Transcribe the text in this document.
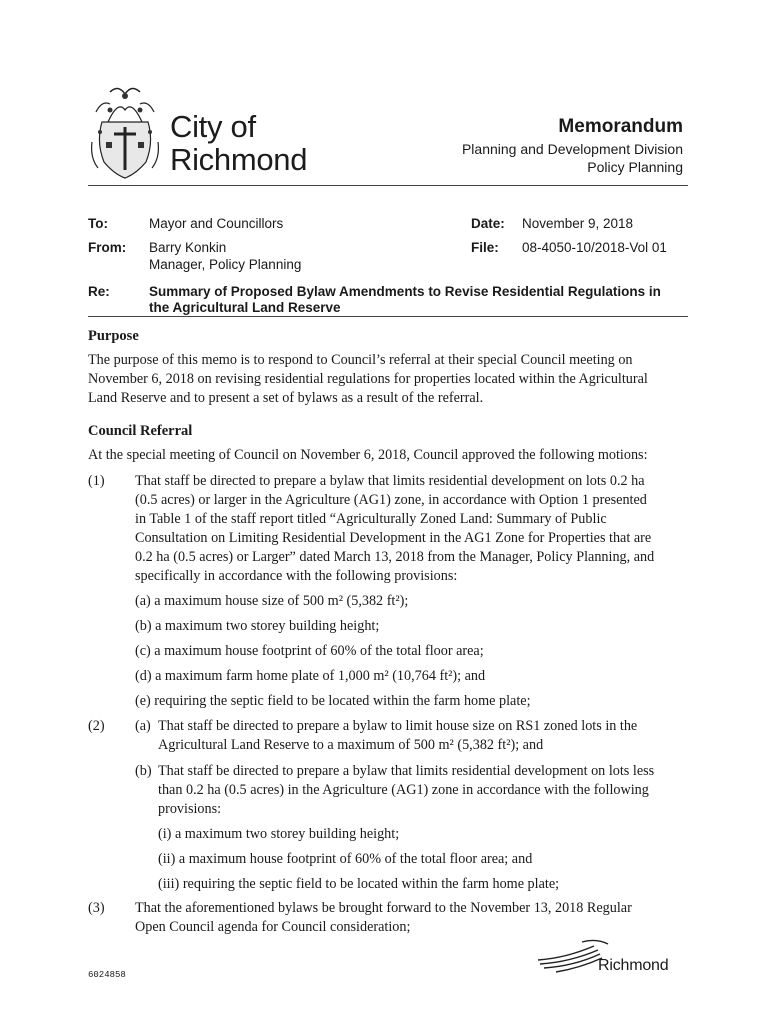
City of
Richmond
Memorandum
Planning and Development Division
Policy Planning
To:	Mayor and Councillors	Date: November 9, 2018
From: Barry Konkin
Manager, Policy Planning
File: 08-4050-10/2018-Vol 01
Re:	Summary of Proposed Bylaw Amendments to Revise Residential Regulations in
the Agricultural Land Reserve
Purpose
The purpose of this memo is to respond to Council’s referral at their special Council meeting on
November 6, 2018 on revising residential regulations for properties located within the Agricultural
Land Reserve and to present a set of bylaws as a result of the referral.
Council Referral
At the special meeting of Council on November 6, 2018, Council approved the following motions:
(1) That staff be directed to prepare a bylaw that limits residential development on lots 0.2 ha
(0.5 acres) or larger in the Agriculture (AG1) zone, in accordance with Option 1 presented
in Table 1 of the staff report titled “Agriculturally Zoned Land: Summary of Public
Consultation on Limiting Residential Development in the AG1 Zone for Properties that are
0.2 ha (0.5 acres) or Larger” dated March 13, 2018 from the Manager, Policy Planning, and
specifically in accordance with the following provisions:
(a) a maximum house size of 500 m² (5,382 ft²);
(b) a maximum two storey building height;
(c) a maximum house footprint of 60% of the total floor area;
(d) a maximum farm home plate of 1,000 m² (10,764 ft²); and
(e) requiring the septic field to be located within the farm home plate;
(2) (a) That staff be directed to prepare a bylaw to limit house size on RS1 zoned lots in the
Agricultural Land Reserve to a maximum of 500 m² (5,382 ft²); and
(b) That staff be directed to prepare a bylaw that limits residential development on lots less
than 0.2 ha (0.5 acres) in the Agriculture (AG1) zone in accordance with the following
provisions:
(i) a maximum two storey building height;
(ii) a maximum house footprint of 60% of the total floor area; and
(iii) requiring the septic field to be located within the farm home plate;
(3) That the aforementioned bylaws be brought forward to the November 13, 2018 Regular
Open Council agenda for Council consideration;
6024858
Richmond
